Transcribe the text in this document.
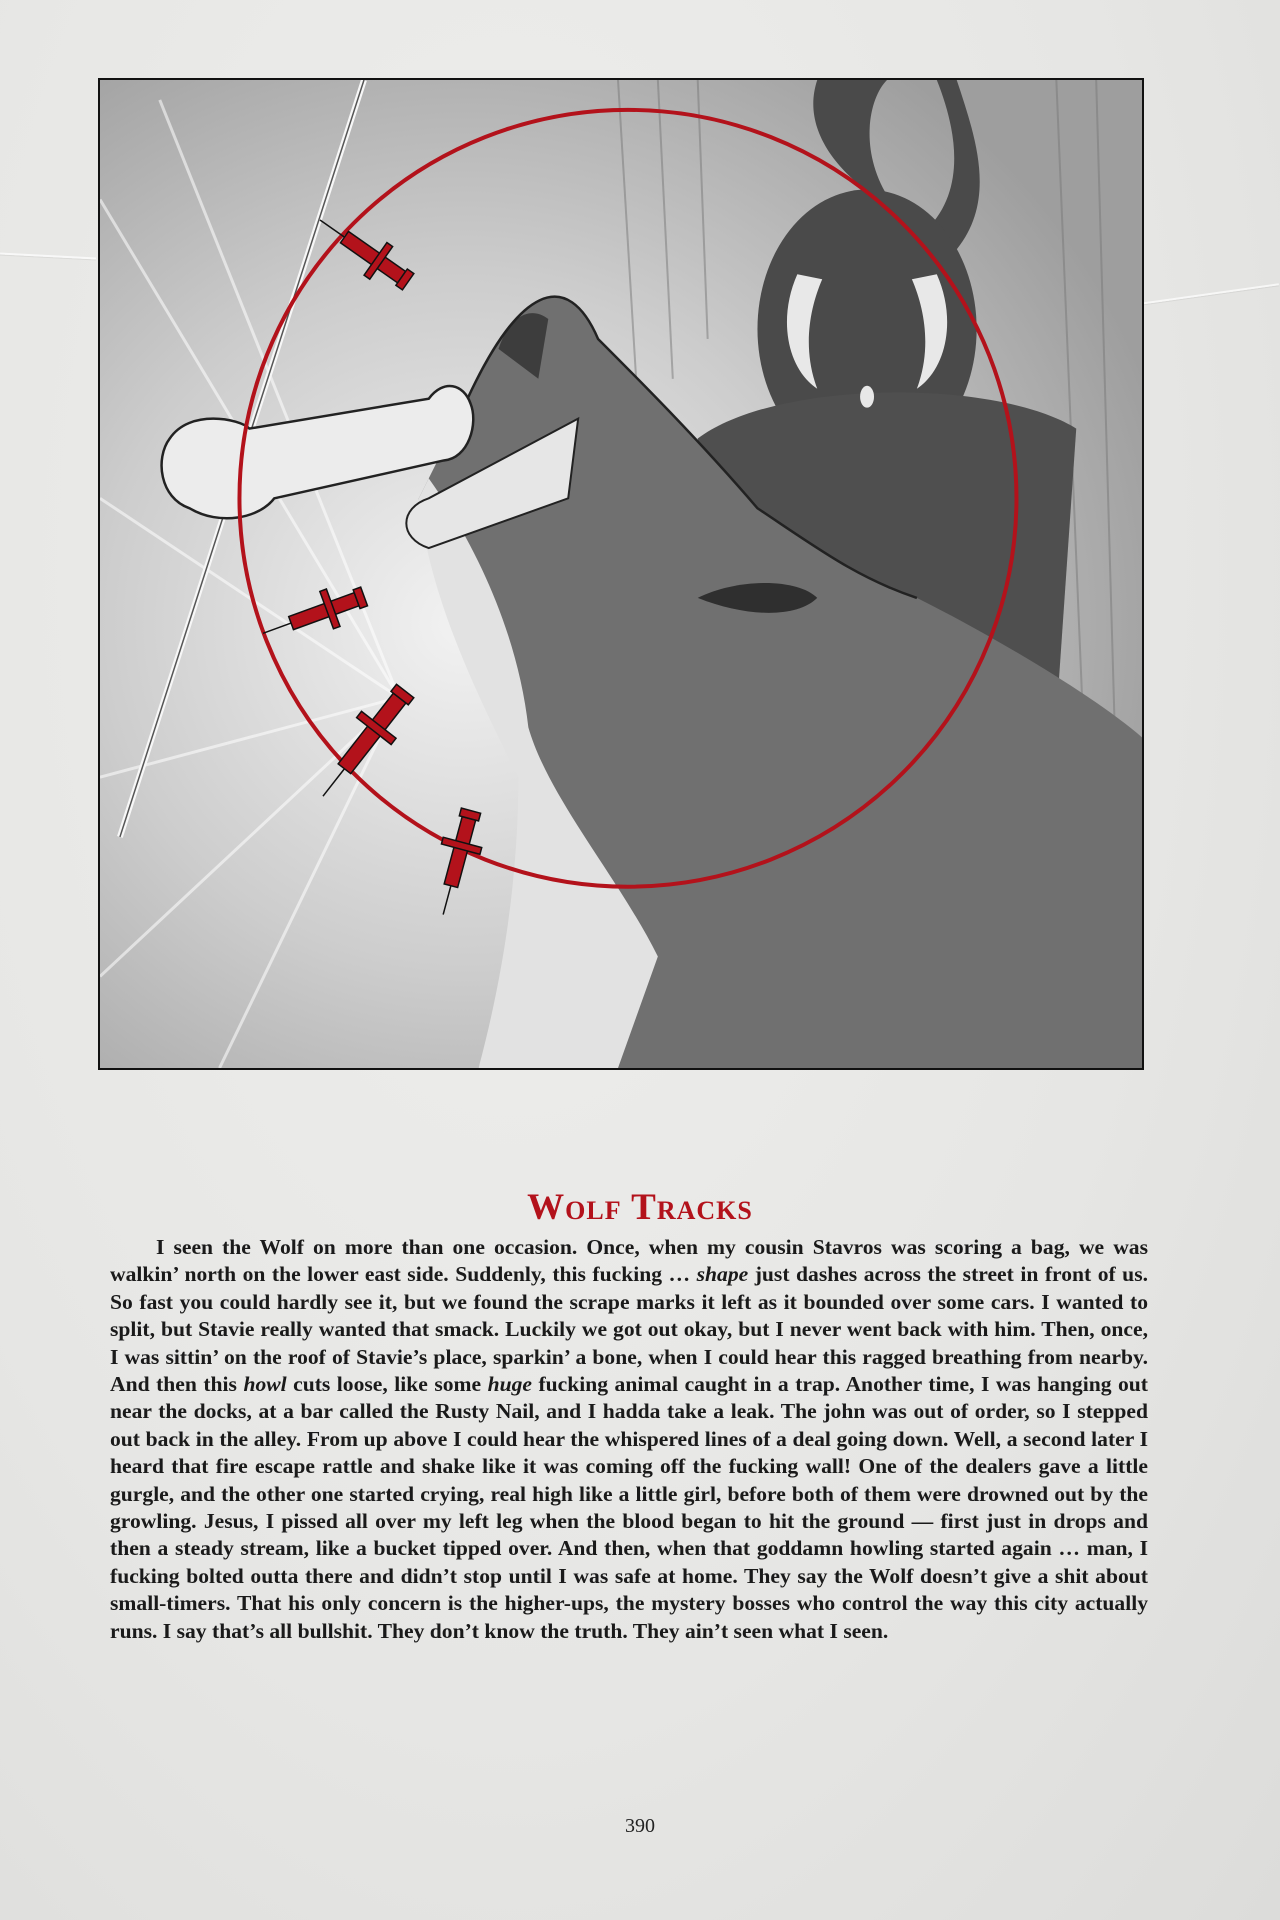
Wolf Tracks
I seen the Wolf on more than one occasion. Once, when my cousin Stavros was scoring a bag, we was walkin’ north on the lower east side. Suddenly, this fucking … shape just dashes across the street in front of us. So fast you could hardly see it, but we found the scrape marks it left as it bounded over some cars. I wanted to split, but Stavie really wanted that smack. Luckily we got out okay, but I never went back with him. Then, once, I was sittin’ on the roof of Stavie’s place, sparkin’ a bone, when I could hear this ragged breathing from nearby. And then this howl cuts loose, like some huge fucking animal caught in a trap. Another time, I was hanging out near the docks, at a bar called the Rusty Nail, and I hadda take a leak. The john was out of order, so I stepped out back in the alley. From up above I could hear the whispered lines of a deal going down. Well, a second later I heard that fire escape rattle and shake like it was coming off the fucking wall! One of the dealers gave a little gurgle, and the other one started crying, real high like a little girl, before both of them were drowned out by the growling. Jesus, I pissed all over my left leg when the blood began to hit the ground — first just in drops and then a steady stream, like a bucket tipped over. And then, when that goddamn howling started again … man, I fucking bolted outta there and didn’t stop until I was safe at home. They say the Wolf doesn’t give a shit about small-timers. That his only concern is the higher-ups, the mystery bosses who control the way this city actually runs. I say that’s all bullshit. They don’t know the truth. They ain’t seen what I seen.
390
